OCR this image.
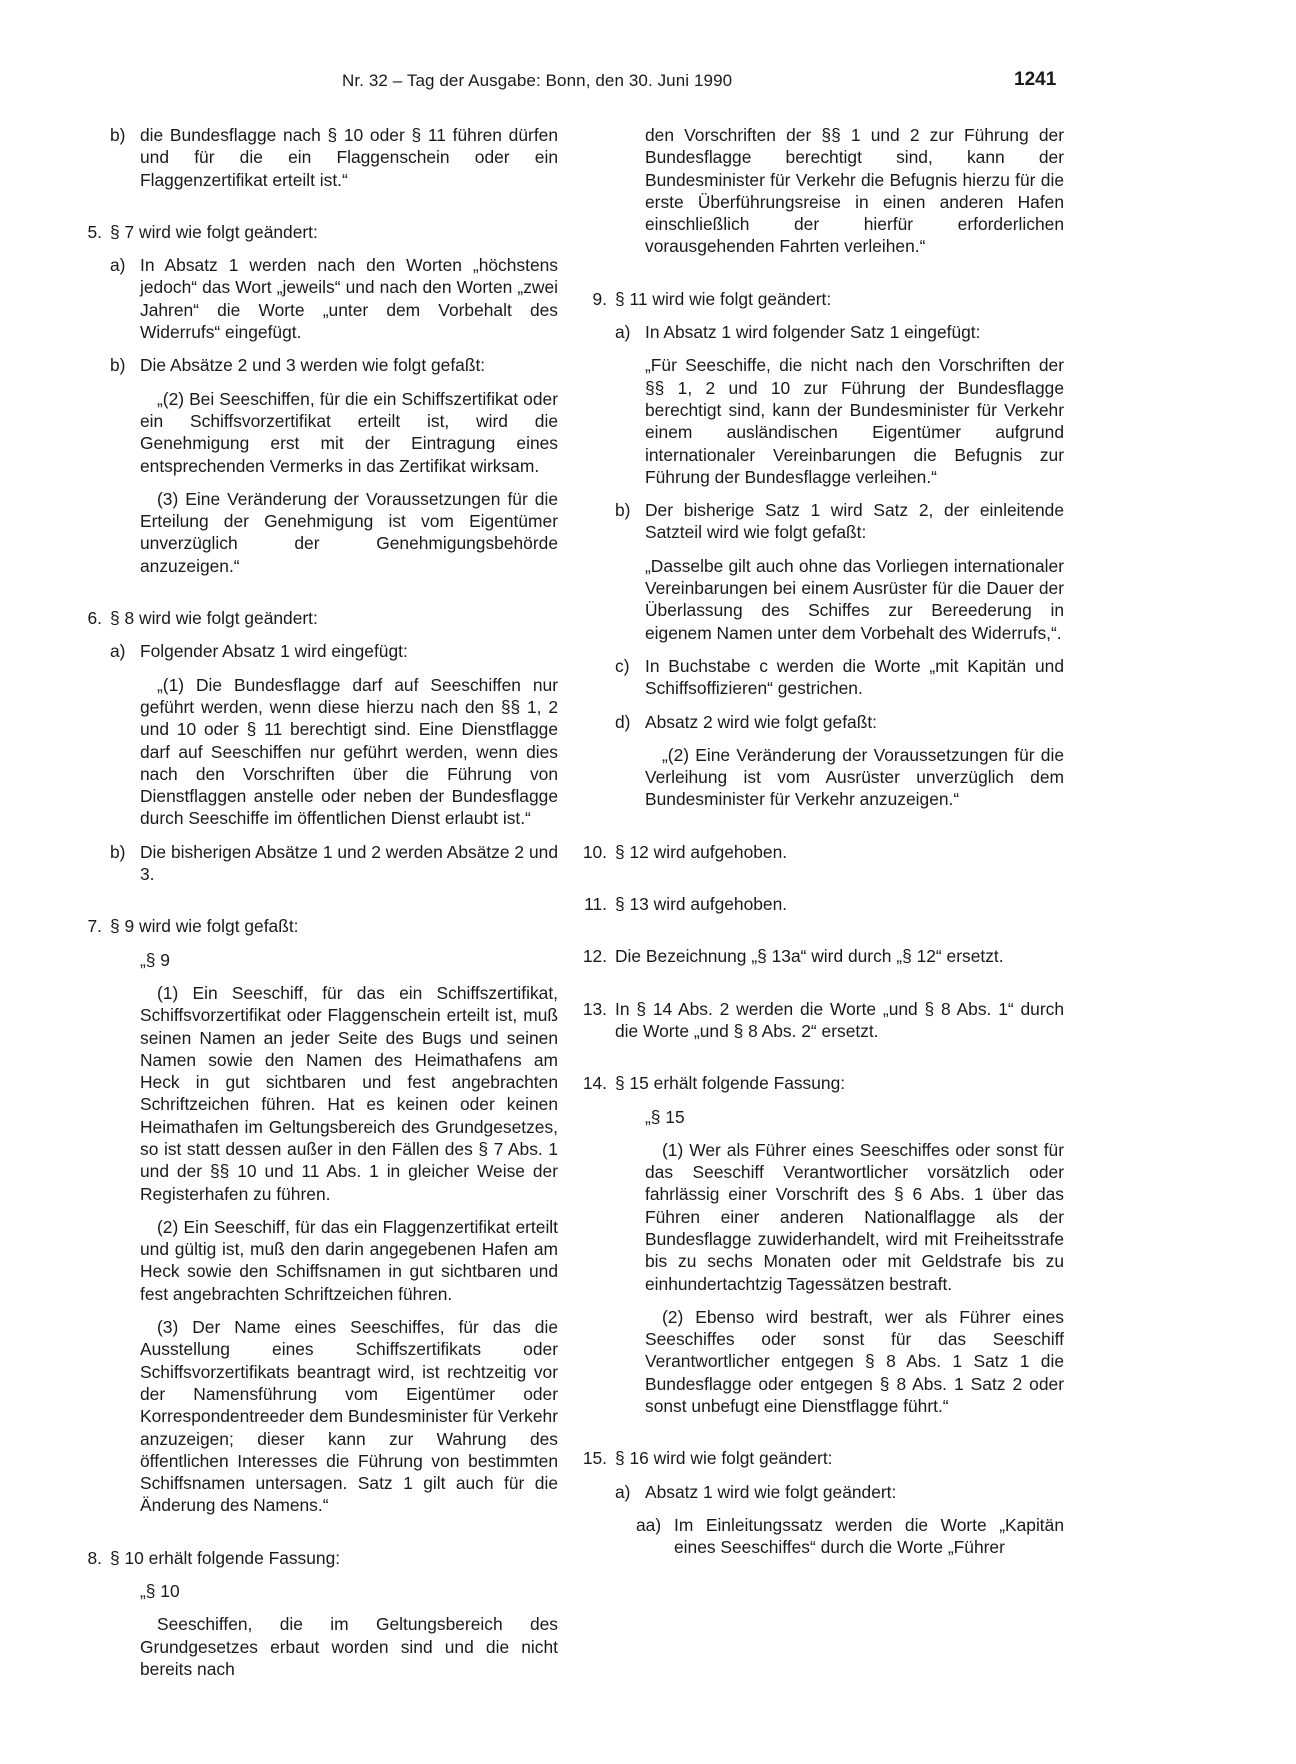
Nr. 32 – Tag der Ausgabe: Bonn, den 30. Juni 1990	1241
b) die Bundesflagge nach § 10 oder § 11 führen dürfen und für die ein Flaggenschein oder ein Flaggenzertifikat erteilt ist.“
5. § 7 wird wie folgt geändert:
a) In Absatz 1 werden nach den Worten „höchstens jedoch“ das Wort „jeweils“ und nach den Worten „zwei Jahren“ die Worte „unter dem Vorbehalt des Widerrufs“ eingefügt.
b) Die Absätze 2 und 3 werden wie folgt gefaßt:

„(2) Bei Seeschiffen, für die ein Schiffszertifikat oder ein Schiffsvorzertifikat erteilt ist, wird die Genehmigung erst mit der Eintragung eines entsprechenden Vermerks in das Zertifikat wirksam.

(3) Eine Veränderung der Voraussetzungen für die Erteilung der Genehmigung ist vom Eigentümer unverzüglich der Genehmigungsbehörde anzuzeigen.“

6. § 8 wird wie folgt geändert:
a) Folgender Absatz 1 wird eingefügt:

„(1) Die Bundesflagge darf auf Seeschiffen nur geführt werden, wenn diese hierzu nach den §§ 1, 2 und 10 oder § 11 berechtigt sind. Eine Dienstflagge darf auf Seeschiffen nur geführt werden, wenn dies nach den Vorschriften über die Führung von Dienstflaggen anstelle oder neben der Bundesflagge durch Seeschiffe im öffentlichen Dienst erlaubt ist.“

b) Die bisherigen Absätze 1 und 2 werden Absätze 2 und 3.
7. § 9 wird wie folgt gefaßt:

„§ 9

(1) Ein Seeschiff, für das ein Schiffszertifikat, Schiffsvorzertifikat oder Flaggenschein erteilt ist, muß seinen Namen an jeder Seite des Bugs und seinen Namen sowie den Namen des Heimathafens am Heck in gut sichtbaren und fest angebrachten Schriftzeichen führen. Hat es keinen oder keinen Heimathafen im Geltungsbereich des Grundgesetzes, so ist statt dessen außer in den Fällen des § 7 Abs. 1 und der §§ 10 und 11 Abs. 1 in gleicher Weise der Registerhafen zu führen.

(2) Ein Seeschiff, für das ein Flaggenzertifikat erteilt und gültig ist, muß den darin angegebenen Hafen am Heck sowie den Schiffsnamen in gut sichtbaren und fest angebrachten Schriftzeichen führen.

(3) Der Name eines Seeschiffes, für das die Ausstellung eines Schiffszertifikats oder Schiffsvorzertifikats beantragt wird, ist rechtzeitig vor der Namensführung vom Eigentümer oder Korrespondentreeder dem Bundesminister für Verkehr anzuzeigen; dieser kann zur Wahrung des öffentlichen Interesses die Führung von bestimmten Schiffsnamen untersagen. Satz 1 gilt auch für die Änderung des Namens.“

8. § 10 erhält folgende Fassung:

„§ 10

Seeschiffen, die im Geltungsbereich des Grundgesetzes erbaut worden sind und die nicht bereits nach

den Vorschriften der §§ 1 und 2 zur Führung der Bundesflagge berechtigt sind, kann der Bundesminister für Verkehr die Befugnis hierzu für die erste Überführungsreise in einen anderen Hafen einschließlich der hierfür erforderlichen vorausgehenden Fahrten verleihen.“

9. § 11 wird wie folgt geändert:
a) In Absatz 1 wird folgender Satz 1 eingefügt:

„Für Seeschiffe, die nicht nach den Vorschriften der §§ 1, 2 und 10 zur Führung der Bundesflagge berechtigt sind, kann der Bundesminister für Verkehr einem ausländischen Eigentümer aufgrund internationaler Vereinbarungen die Befugnis zur Führung der Bundesflagge verleihen.“

b) Der bisherige Satz 1 wird Satz 2, der einleitende Satzteil wird wie folgt gefaßt:

„Dasselbe gilt auch ohne das Vorliegen internationaler Vereinbarungen bei einem Ausrüster für die Dauer der Überlassung des Schiffes zur Bereederung in eigenem Namen unter dem Vorbehalt des Widerrufs,“.

c) In Buchstabe c werden die Worte „mit Kapitän und Schiffsoffizieren“ gestrichen.
d) Absatz 2 wird wie folgt gefaßt:

„(2) Eine Veränderung der Voraussetzungen für die Verleihung ist vom Ausrüster unverzüglich dem Bundesminister für Verkehr anzuzeigen.“

10. § 12 wird aufgehoben.
11. § 13 wird aufgehoben.
12. Die Bezeichnung „§ 13a“ wird durch „§ 12“ ersetzt.
13. In § 14 Abs. 2 werden die Worte „und § 8 Abs. 1“ durch die Worte „und § 8 Abs. 2“ ersetzt.
14. § 15 erhält folgende Fassung:

„§ 15

(1) Wer als Führer eines Seeschiffes oder sonst für das Seeschiff Verantwortlicher vorsätzlich oder fahrlässig einer Vorschrift des § 6 Abs. 1 über das Führen einer anderen Nationalflagge als der Bundesflagge zuwiderhandelt, wird mit Freiheitsstrafe bis zu sechs Monaten oder mit Geldstrafe bis zu einhundertachtzig Tagessätzen bestraft.

(2) Ebenso wird bestraft, wer als Führer eines Seeschiffes oder sonst für das Seeschiff Verantwortlicher entgegen § 8 Abs. 1 Satz 1 die Bundesflagge oder entgegen § 8 Abs. 1 Satz 2 oder sonst unbefugt eine Dienstflagge führt.“

15. § 16 wird wie folgt geändert:
a) Absatz 1 wird wie folgt geändert:
aa) Im Einleitungssatz werden die Worte „Kapitän eines Seeschiffes“ durch die Worte „Führer
